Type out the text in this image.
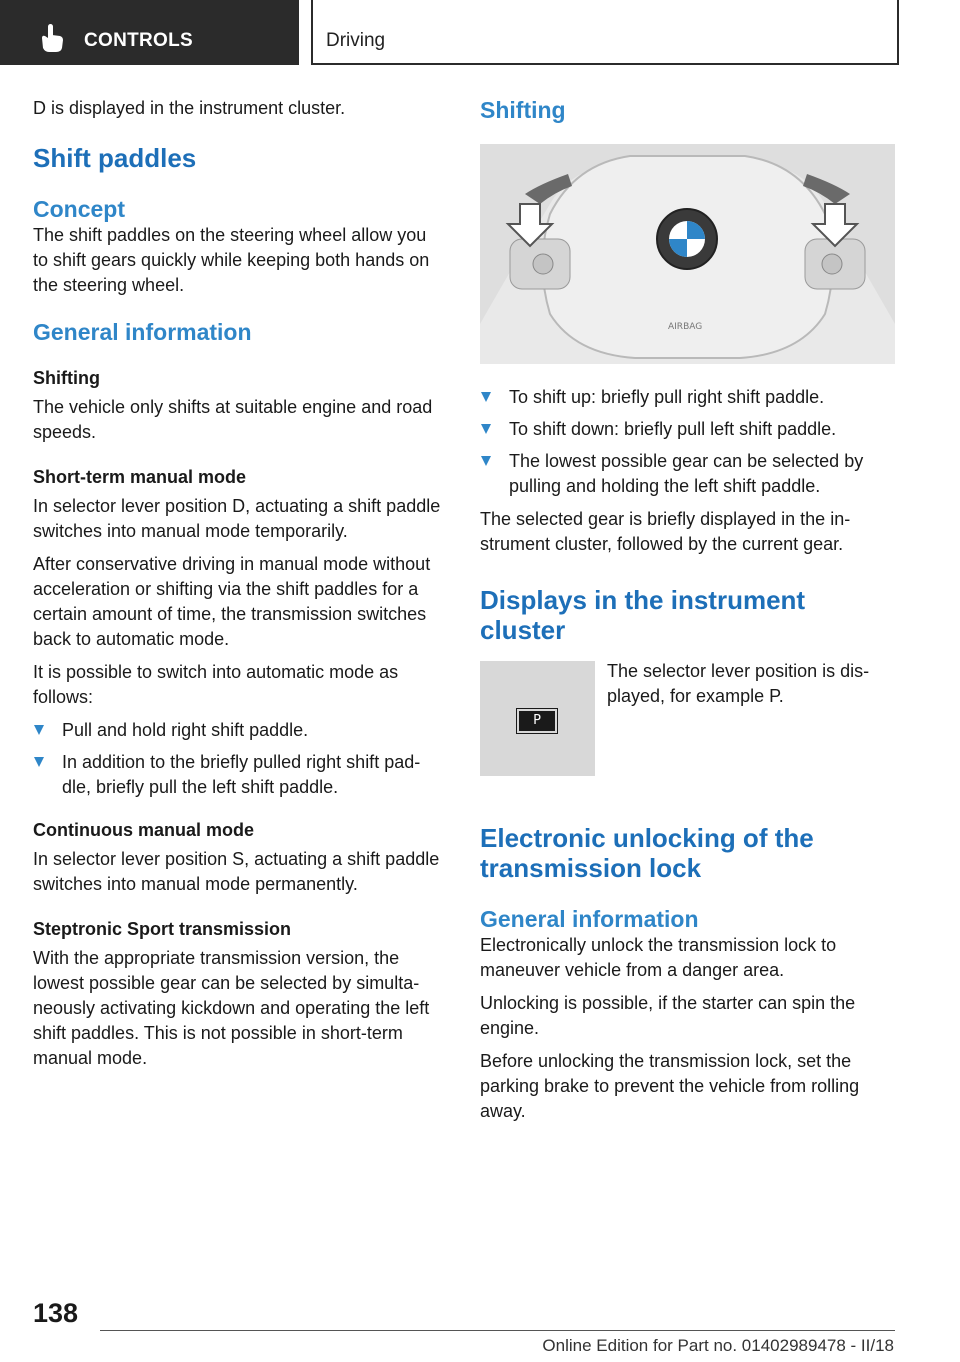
CONTROLS	Driving

D is displayed in the instrument cluster.

Shift paddles
Concept

The shift paddles on the steering wheel allow you to shift gears quickly while keeping both hands on the steering wheel.

General information
Shifting

The vehicle only shifts at suitable engine and road speeds.

Short-term manual mode

In selector lever position D, actuating a shift paddle switches into manual mode temporarily.

After conservative driving in manual mode without acceleration or shifting via the shift paddles for a certain amount of time, the transmission switches back to automatic mode.

It is possible to switch into automatic mode as follows:

Pull and hold right shift paddle.
In addition to the briefly pulled right shift paddle, briefly pull the left shift paddle.
Continuous manual mode

In selector lever position S, actuating a shift paddle switches into manual mode permanently.

Steptronic Sport transmission

With the appropriate transmission version, the lowest possible gear can be selected by simultaneously activating kickdown and operating the left shift paddles. This is not possible in short-term manual mode.

Shifting
AIRBAG
To shift up: briefly pull right shift paddle.
To shift down: briefly pull left shift paddle.
The lowest possible gear can be selected by pulling and holding the left shift paddle.

The selected gear is briefly displayed in the instrument cluster, followed by the current gear.

Displays in the instrument cluster
P

The selector lever position is displayed, for example P.

Electronic unlocking of the transmission lock
General information

Electronically unlock the transmission lock to maneuver vehicle from a danger area.

Unlocking is possible, if the starter can spin the engine.

Before unlocking the transmission lock, set the parking brake to prevent the vehicle from rolling away.

138
Online Edition for Part no. 01402989478 - II/18
